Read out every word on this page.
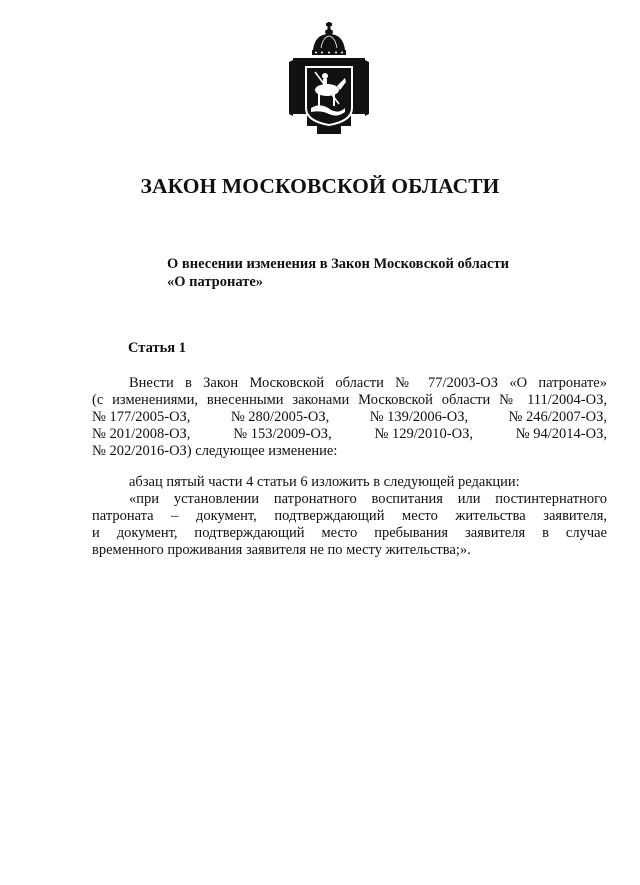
ЗАКОН МОСКОВСКОЙ ОБЛАСТИ
О внесении изменения в Закон Московской области
«О патронате»
Статья 1

Внести в Закон Московской области № 77/2003-ОЗ «О патронате»

(с изменениями, внесенными законами Московской области № 111/2004-ОЗ,

№ 177/2005-ОЗ,	№ 280/2005-ОЗ,	№ 139/2006-ОЗ,	№ 246/2007-ОЗ,
№ 201/2008-ОЗ,	№ 153/2009-ОЗ,	№ 129/2010-ОЗ,	№ 94/2014-ОЗ,

№ 202/2016-ОЗ) следующее изменение:

абзац пятый части 4 статьи 6 изложить в следующей редакции:

«при установлении патронатного воспитания или постинтернатного

патроната – документ, подтверждающий место жительства заявителя,

и документ, подтверждающий место пребывания заявителя в случае

временного проживания заявителя не по месту жительства;».
